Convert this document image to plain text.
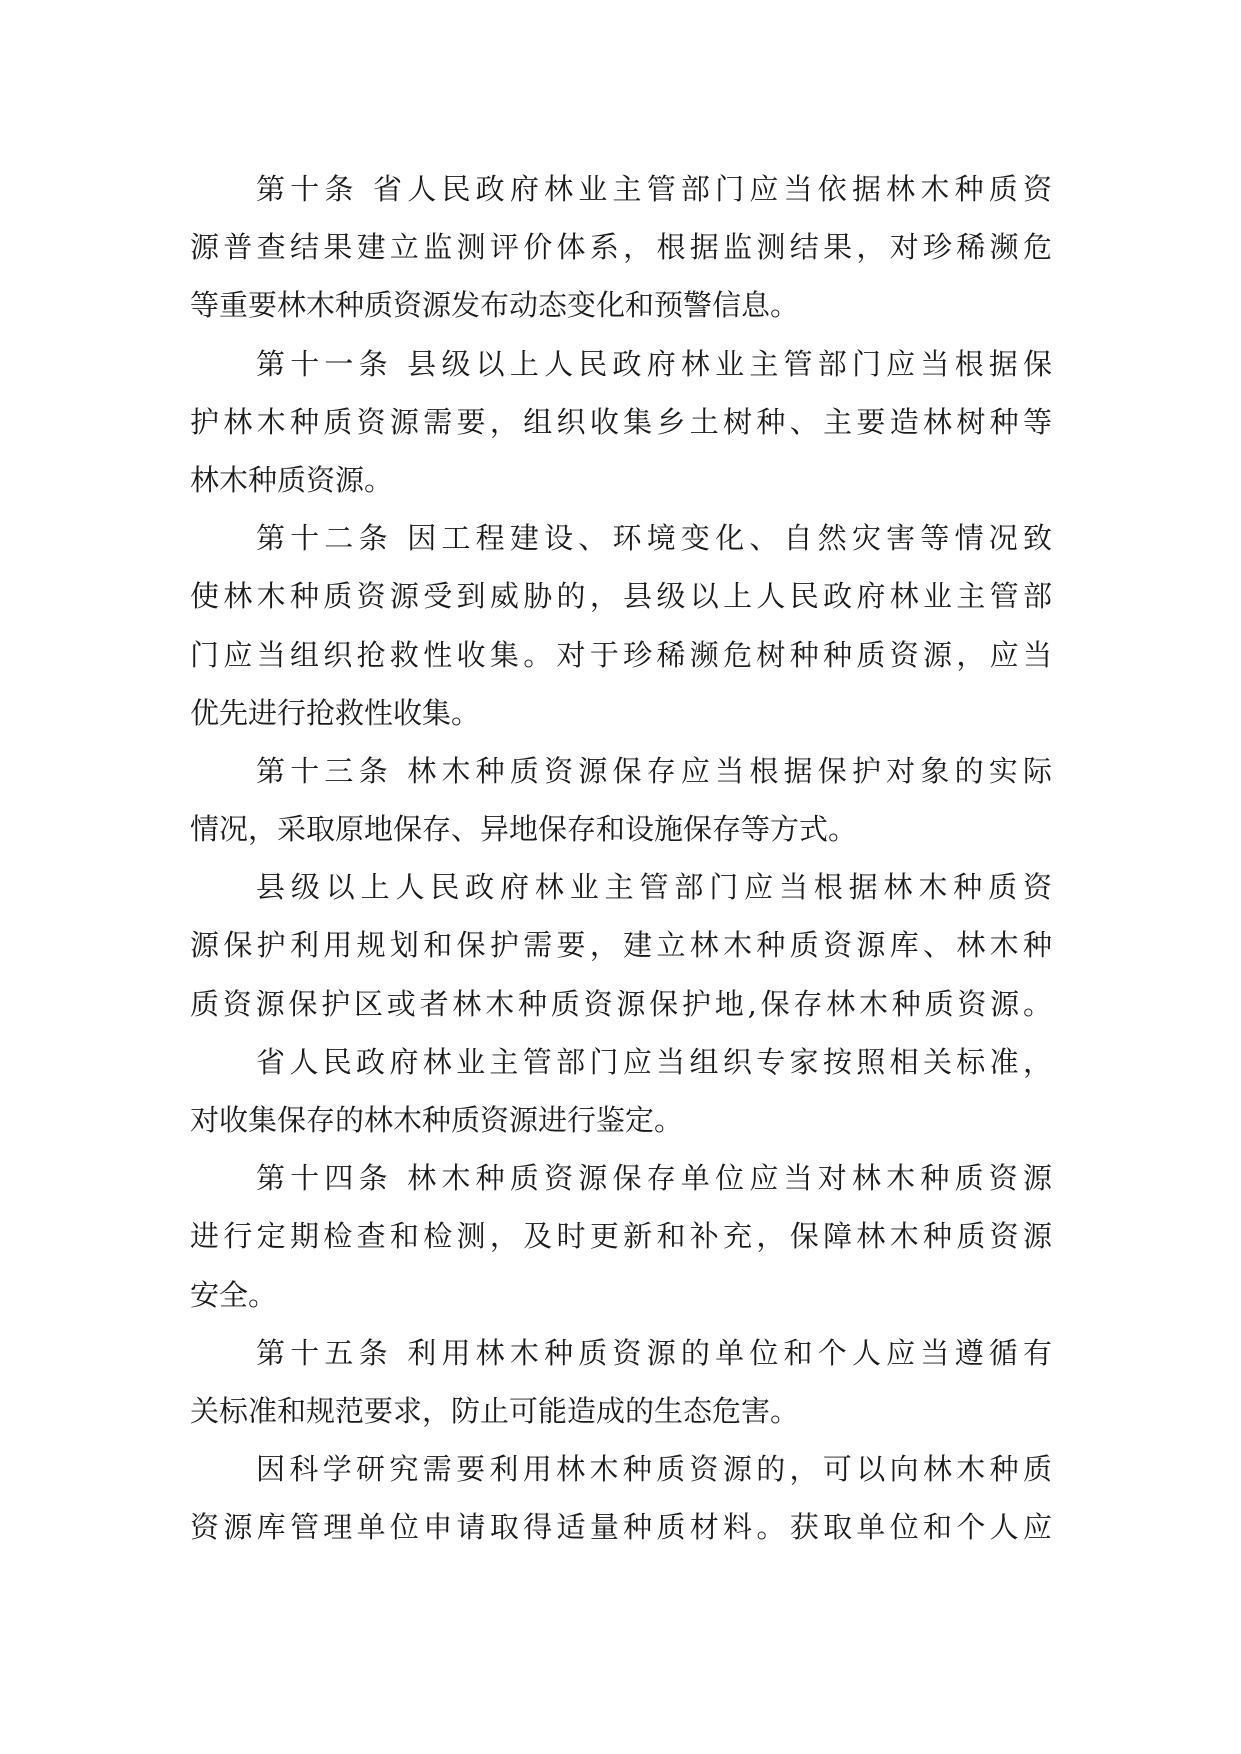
第十条 省人民政府林业主管部门应当依据林木种质资
源普查结果建立监测评价体系，根据监测结果，对珍稀濒危
等重要林木种质资源发布动态变化和预警信息。
第十一条 县级以上人民政府林业主管部门应当根据保
护林木种质资源需要，组织收集乡土树种、主要造林树种等
林木种质资源。
第十二条 因工程建设、环境变化、自然灾害等情况致
使林木种质资源受到威胁的，县级以上人民政府林业主管部
门应当组织抢救性收集。对于珍稀濒危树种种质资源，应当
优先进行抢救性收集。
第十三条 林木种质资源保存应当根据保护对象的实际
情况，采取原地保存、异地保存和设施保存等方式。
县级以上人民政府林业主管部门应当根据林木种质资
源保护利用规划和保护需要，建立林木种质资源库、林木种
质资源保护区或者林木种质资源保护地,保存林木种质资源。
省人民政府林业主管部门应当组织专家按照相关标准，
对收集保存的林木种质资源进行鉴定。
第十四条 林木种质资源保存单位应当对林木种质资源
进行定期检查和检测，及时更新和补充，保障林木种质资源
安全。
第十五条 利用林木种质资源的单位和个人应当遵循有
关标准和规范要求，防止可能造成的生态危害。
因科学研究需要利用林木种质资源的，可以向林木种质
资源库管理单位申请取得适量种质材料。获取单位和个人应
